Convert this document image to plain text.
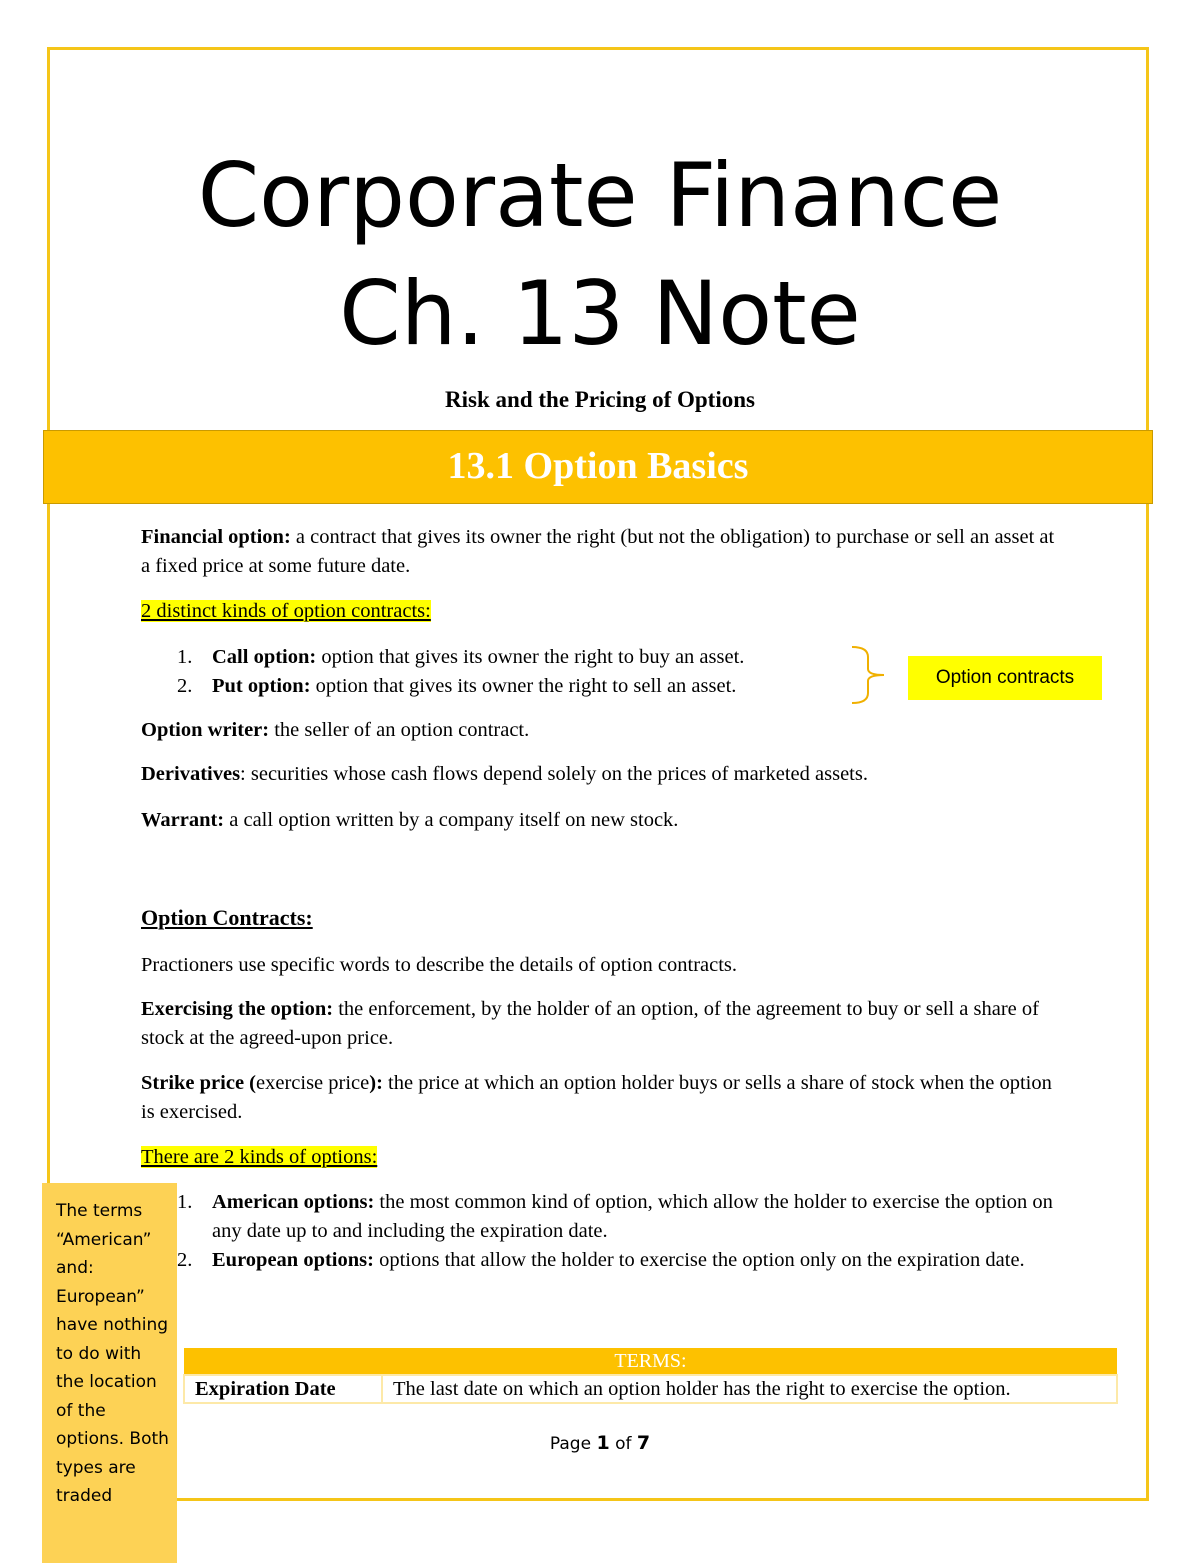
Corporate Finance
Ch. 13 Note
Risk and the Pricing of Options
13.1 Option Basics

Financial option: a contract that gives its owner the right (but not the obligation) to purchase or sell an asset at a fixed price at some future date.

2 distinct kinds of option contracts:

1. Call option: option that gives its owner the right to buy an asset.
2. Put option: option that gives its owner the right to sell an asset.	Option contracts

Option writer: the seller of an option contract.

Derivatives: securities whose cash flows depend solely on the prices of marketed assets.

Warrant: a call option written by a company itself on new stock.

Option Contracts:

Practioners use specific words to describe the details of option contracts.

Exercising the option: the enforcement, by the holder of an option, of the agreement to buy or sell a share of stock at the agreed-upon price.

Strike price (exercise price): the price at which an option holder buys or sells a share of stock when the option is exercised.

There are 2 kinds of options:

1. American options: the most common kind of option, which allow the holder to exercise the option on any date up to and including the expiration date.
2. European options: options that allow the holder to exercise the option only on the expiration date.
The terms “American” and: European” have nothing to do with the location of the options. Both types are traded
TERMS:
Expiration Date	The last date on which an option holder has the right to exercise the option.
Page 1 of 7
